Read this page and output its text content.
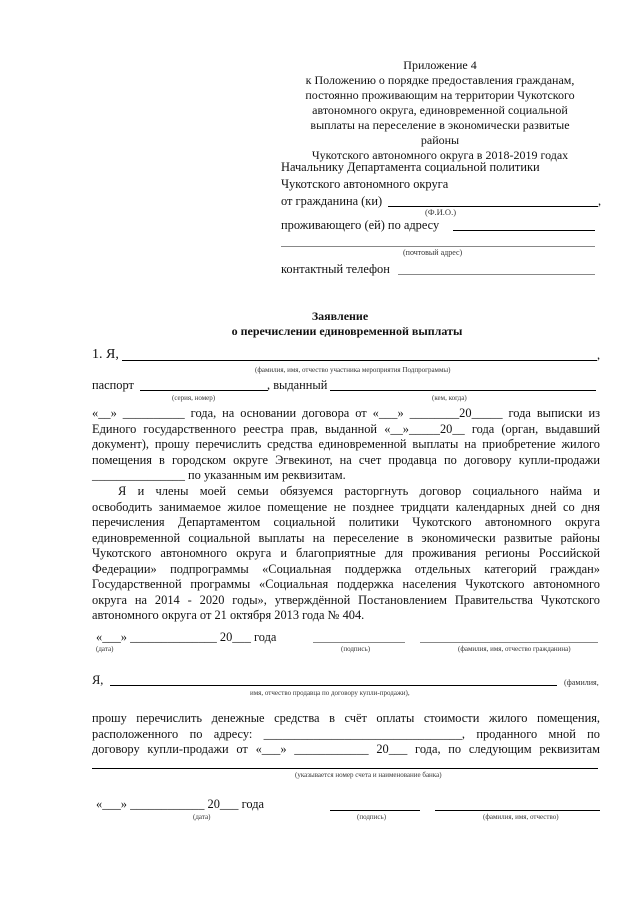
Приложение 4
к Положению о порядке предоставления гражданам,
постоянно проживающим на территории Чукотского
автономного округа, единовременной социальной
выплаты на переселение в экономически развитые районы
Чукотского автономного округа в 2018-2019 годах
Начальнику Департамента социальной политики
Чукотского автономного округа
от гражданина (ки)	,
(Ф.И.О.)
проживающего (ей) по адресу
(почтовый адрес)
контактный телефон
Заявление
о перечислении единовременной выплаты
1. Я,	,
(фамилия, имя, отчество участника мероприятия Подпрограммы)
паспорт	, выданный
(серия, номер)	(кем, когда)
«__» __________ года, на основании договора от «___» ________20_____ года выписки из
Единого государственного реестра прав, выданной «__»_____20__ года (орган, выдавший
документ), прошу перечислить средства единовременной выплаты на приобретение жилого
помещения в городском округе Эгвекинот, на счет продавца по договору купли-продажи
_______________ по указанным им реквизитам.
Я и члены моей семьи обязуемся расторгнуть договор социального найма и
освободить занимаемое жилое помещение не позднее тридцати календарных дней со дня
перечисления Департаментом социальной политики Чукотского автономного округа
единовременной социальной выплаты на переселение в экономически развитые районы
Чукотского автономного округа и благоприятные для проживания регионы Российской
Федерации» подпрограммы «Социальная поддержка отдельных категорий граждан»
Государственной программы «Социальная поддержка населения Чукотского автономного
округа на 2014 - 2020 годы», утверждённой Постановлением Правительства Чукотского
автономного округа от 21 октября 2013 года № 404.
«___» ______________ 20___ года
(дата)	(подпись)	(фамилия, имя, отчество гражданина)
Я,	(фамилия,
имя, отчество продавца по договору купли-продажи),
прошу перечислить денежные средства в счёт оплаты стоимости жилого помещения,
расположенного по адресу: ________________________________, проданного мной по
договору купли-продажи от «___» ____________ 20___ года, по следующим реквизитам
(указывается номер счета и наименование банка)
«___» ____________ 20___ года
(дата)	(подпись)	(фамилия, имя, отчество)
